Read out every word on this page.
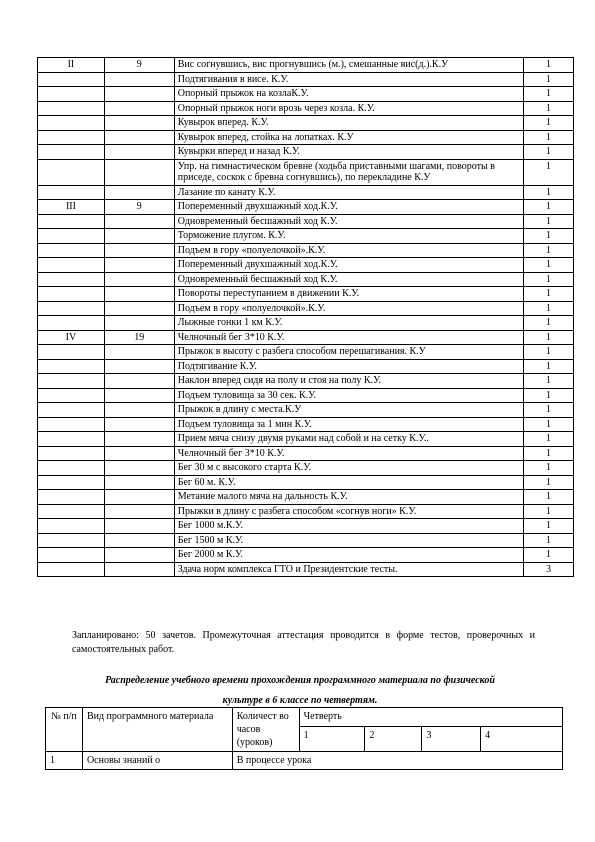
II	9	Вис согнувшись, вис прогнувшись (м.), смешанные вис(д.).К.У	1
		Подтягивания в висе. К.У.	1
		Опорный прыжок на козлаК.У.	1
		Опорный прыжок ноги врозь через козла. К.У.	1
		Кувырок вперед. К.У.	1
		Кувырок вперед, стойка на лопатках. К.У	1
		Кувырки вперед и назад К.У.	1
		Упр. на гимнастическом бревне (ходьба приставными шагами, повороты в приседе, соскок с бревна согнувшись), по перекладине К.У	1
		Лазание по канату К.У.	1
III	9	Попеременный двухшажный ход.К.У.	1
		Одновременный бесшажный ход К.У.	1
		Торможение плугом. К.У.	1
		Подъем в гору «полуелочкой».К.У.	1
		Попеременный двухшажный ход.К.У.	1
		Одновременный бесшажный ход К.У.	1
		Повороты переступанием в движении К.У.	1
		Подъем в гору «полуелочкой».К.У.	1
		Лыжные гонки 1 км К.У.	1
IV	19	Челночный бег 3*10 К.У.	1
		Прыжок в высоту с разбега способом перешагивания. К.У	1
		Подтягивание К.У.	1
		Наклон вперед сидя на полу и стоя на полу К.У.	1
		Подъем туловища за 30 сек. К.У.	1
		Прыжок в длину с места.К.У	1
		Подъем туловища за 1 мин К.У.	1
		Прием мяча снизу двумя руками над собой и на сетку К.У..	1
		Челночный бег 3*10 К.У.	1
		Бег 30 м с высокого старта К.У.	1
		Бег 60 м. К.У.	1
		Метание малого мяча на дальность К.У.	1
		Прыжки в длину с разбега способом «согнув ноги» К.У.	1
		Бег 1000 м.К.У.	1
		Бег 1500 м К.У.	1
		Бег 2000 м К.У.	1
		Здача норм комплекса ГТО и Президентские тесты.	3
Запланировано: 50 зачетов. Промежуточная аттестация проводится в форме тестов, проверочных и самостоятельных работ.
Распределение учебного времени прохождения программного материала по физической
культуре в 6 классе по четвертям.
№ п/п	Вид программного материала	Количест во часов (уроков)	Четверть			
			1	2	3	4
1	Основы знаний о	В процессе урока				
